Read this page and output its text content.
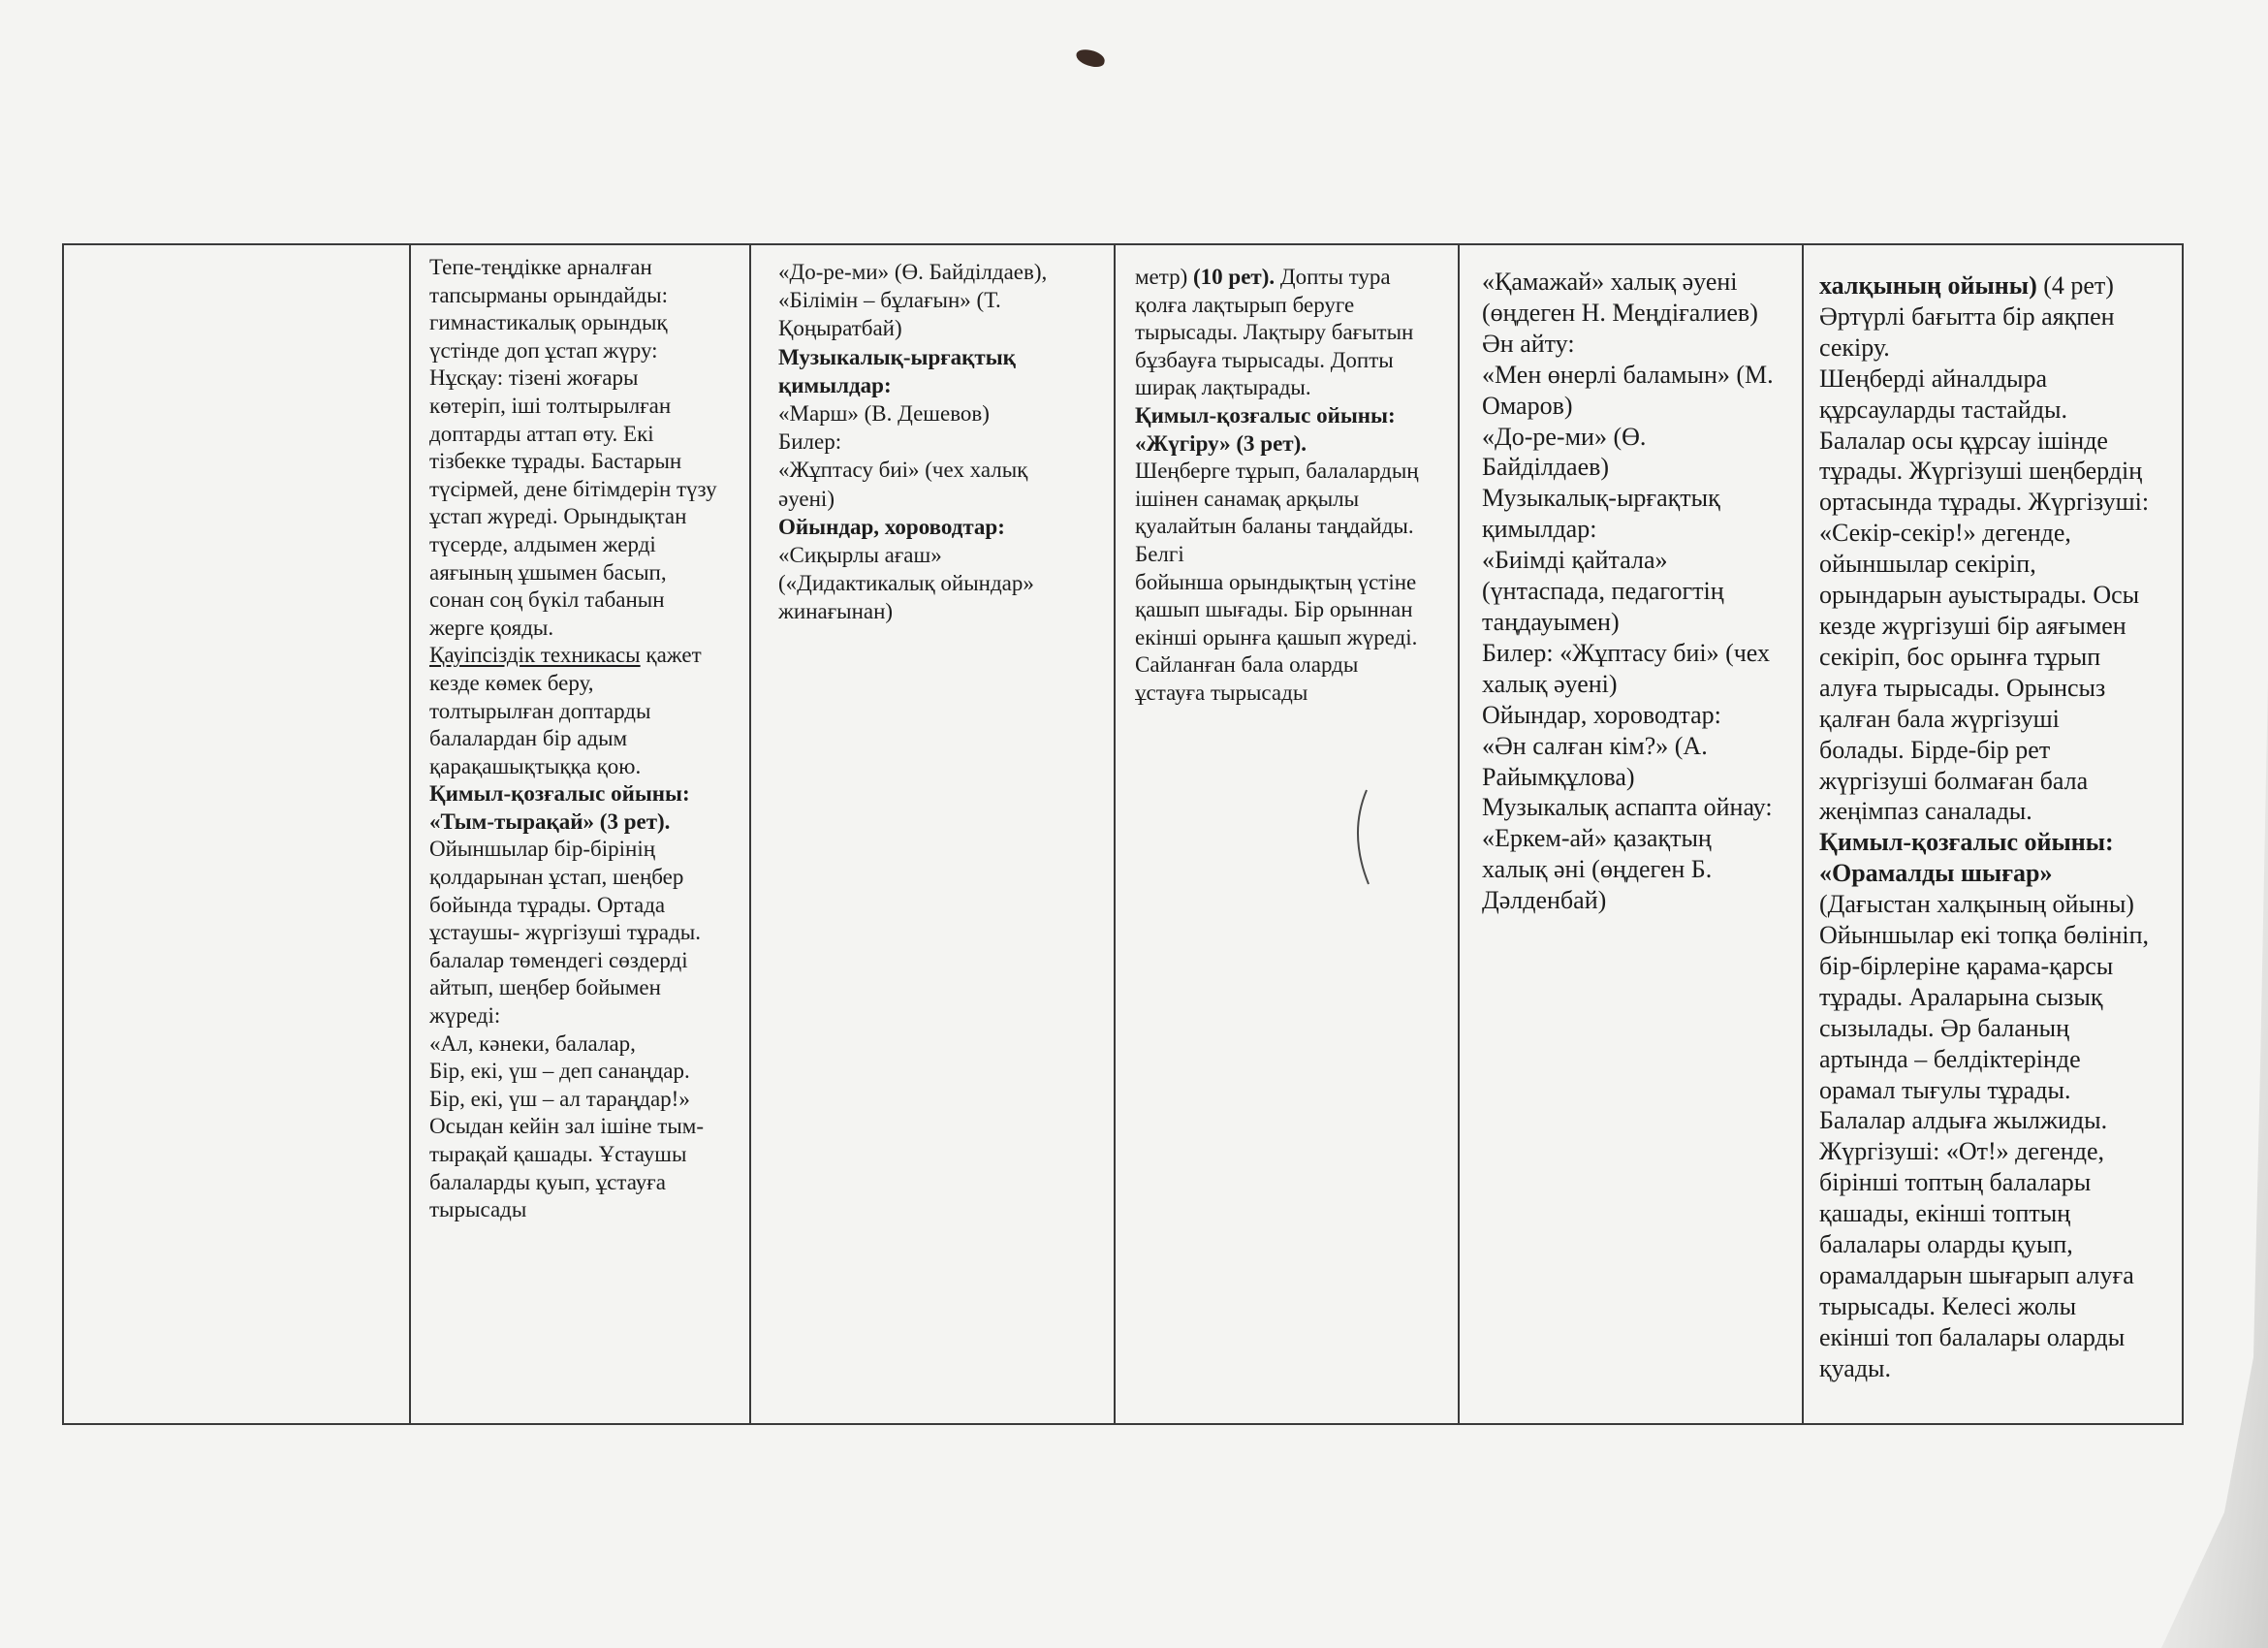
Тепе-теңдікке арналған
тапсырманы орындайды:
гимнастикалық орындық
үстінде доп ұстап жүру:
Нұсқау: тізені жоғары
көтеріп, іші толтырылған
доптарды аттап өту. Екі
тізбекке тұрады. Бастарын
түсірмей, дене бітімдерін түзу
ұстап жүреді. Орындықтан
түсерде, алдымен жерді
аяғының ұшымен басып,
сонан соң бүкіл табанын
жерге қояды.
Қауіпсіздік техникасы қажет
кезде көмек беру,
толтырылған доптарды
балалардан бір адым
қарақашықтыққа қою.
Қимыл-қозғалыс ойыны:
«Тым-тырақай» (3 рет).
Ойыншылар бір-бірінің
қолдарынан ұстап, шеңбер
бойында тұрады. Ортада
ұстаушы- жүргізуші тұрады.
балалар төмендегі сөздерді
айтып, шеңбер бойымен
жүреді:
«Ал, кәнеки, балалар,
Бір, екі, үш – деп санаңдар.
Бір, екі, үш – ал тараңдар!»
Осыдан кейін зал ішіне тым-
тырақай қашады. Ұстаушы
балаларды қуып, ұстауға
тырысады
«До-ре-ми» (Ө. Байділдаев),
«Білімін – бұлағын» (Т.
Қоңыратбай)
Музыкалық-ырғақтық
қимылдар:
«Марш» (В. Дешевов)
Билер:
«Жұптасу биі» (чех халық
әуені)
Ойындар, хороводтар:
«Сиқырлы ағаш»
(«Дидактикалық ойындар»
жинағынан)
метр) (10 рет). Допты тура
қолға лақтырып беруге
тырысады. Лақтыру бағытын
бұзбауға тырысады. Допты
ширақ лақтырады.
Қимыл-қозғалыс ойыны:
«Жүгіру» (3 рет).
Шеңберге тұрып, балалардың
ішінен санамақ арқылы
қуалайтын баланы таңдайды.
Белгі
бойынша орындықтың үстіне
қашып шығады. Бір орыннан
екінші орынға қашып жүреді.
Сайланған бала оларды
ұстауға тырысады
«Қамажай» халық әуені
(өңдеген Н. Меңдіғалиев)
Ән айту:
«Мен өнерлі баламын» (М.
Омаров)
«До-ре-ми» (Ө.
Байділдаев)
Музыкалық-ырғақтық
қимылдар:
«Биімді қайтала»
(үнтаспада, педагогтің
таңдауымен)
Билер: «Жұптасу биі» (чех
халық әуені)
Ойындар, хороводтар:
«Ән салған кім?» (А.
Райымқұлова)
Музыкалық аспапта ойнау:
«Еркем-ай» қазақтың
халық әні (өңдеген Б.
Дәлденбай)
халқының ойыны) (4 рет)
Әртүрлі бағытта бір аяқпен
секіру.
Шеңберді айналдыра
құрсауларды тастайды.
Балалар осы құрсау ішінде
тұрады. Жүргізуші шеңбердің
ортасында тұрады. Жүргізуші:
«Секір-секір!» дегенде,
ойыншылар секіріп,
орындарын ауыстырады. Осы
кезде жүргізуші бір аяғымен
секіріп, бос орынға тұрып
алуға тырысады. Орынсыз
қалған бала жүргізуші
болады. Бірде-бір рет
жүргізуші болмаған бала
жеңімпаз саналады.
Қимыл-қозғалыс ойыны:
«Орамалды шығар»
(Дағыстан халқының ойыны)
Ойыншылар екі топқа бөлініп,
бір-бірлеріне қарама-қарсы
тұрады. Араларына сызық
сызылады. Әр баланың
артында – белдіктерінде
орамал тығулы тұрады.
Балалар алдыға жылжиды.
Жүргізуші: «От!» дегенде,
бірінші топтың балалары
қашады, екінші топтың
балалары оларды қуып,
орамалдарын шығарып алуға
тырысады. Келесі жолы
екінші топ балалары оларды
қуады.
